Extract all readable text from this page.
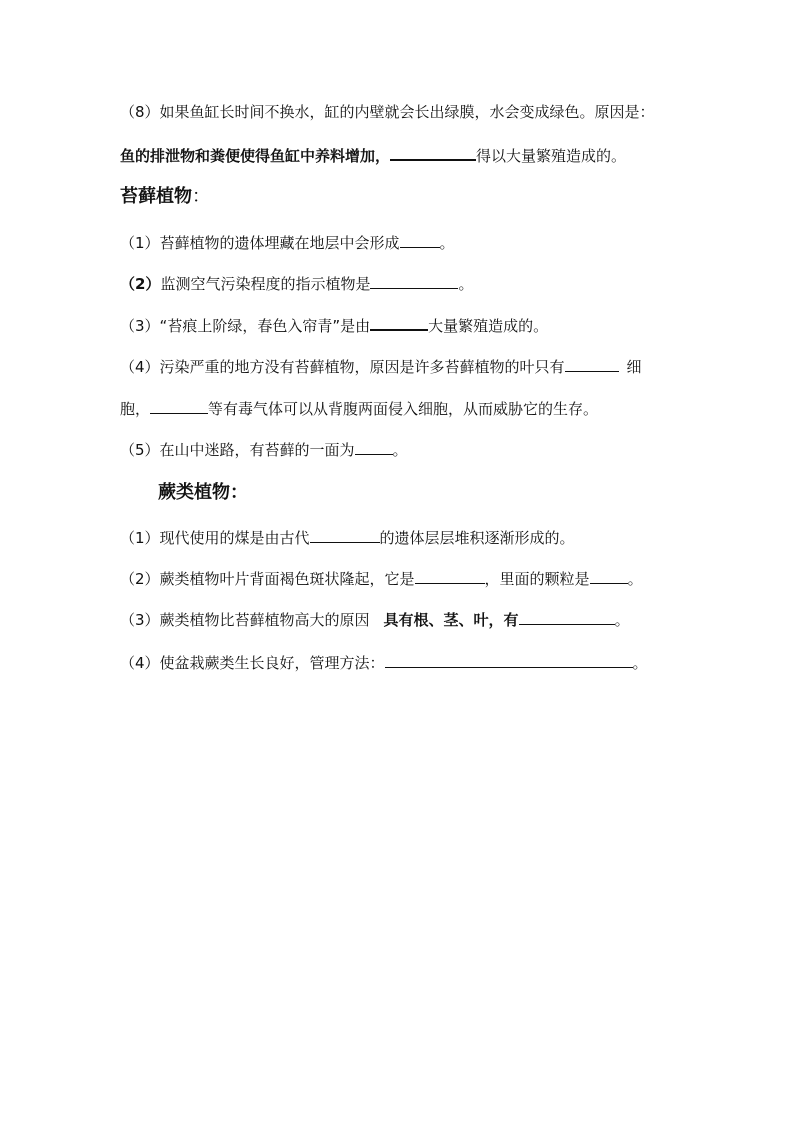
（8）如果鱼缸长时间不换水，缸的内壁就会长出绿膜，水会变成绿色。原因是：
鱼的排泄物和粪便使得鱼缸中养料增加，	得以大量繁殖造成的。
苔藓植物：
（1）苔藓植物的遗体埋藏在地层中会形成	。
（2）监测空气污染程度的指示植物是	。
（3）“苔痕上阶绿，春色入帘青”是由	大量繁殖造成的。
（4）污染严重的地方没有苔藓植物，原因是许多苔藓植物的叶只有	细
胞，	等有毒气体可以从背腹两面侵入细胞，从而威胁它的生存。
（5）在山中迷路，有苔藓的一面为	。
蕨类植物：
（1）现代使用的煤是由古代	的遗体层层堆积逐渐形成的。
（2）蕨类植物叶片背面褐色斑状隆起，它是	，里面的颗粒是	。
（3）蕨类植物比苔藓植物高大的原因 具有根、茎、叶，有	。
（4）使盆栽蕨类生长良好，管理方法：	。
